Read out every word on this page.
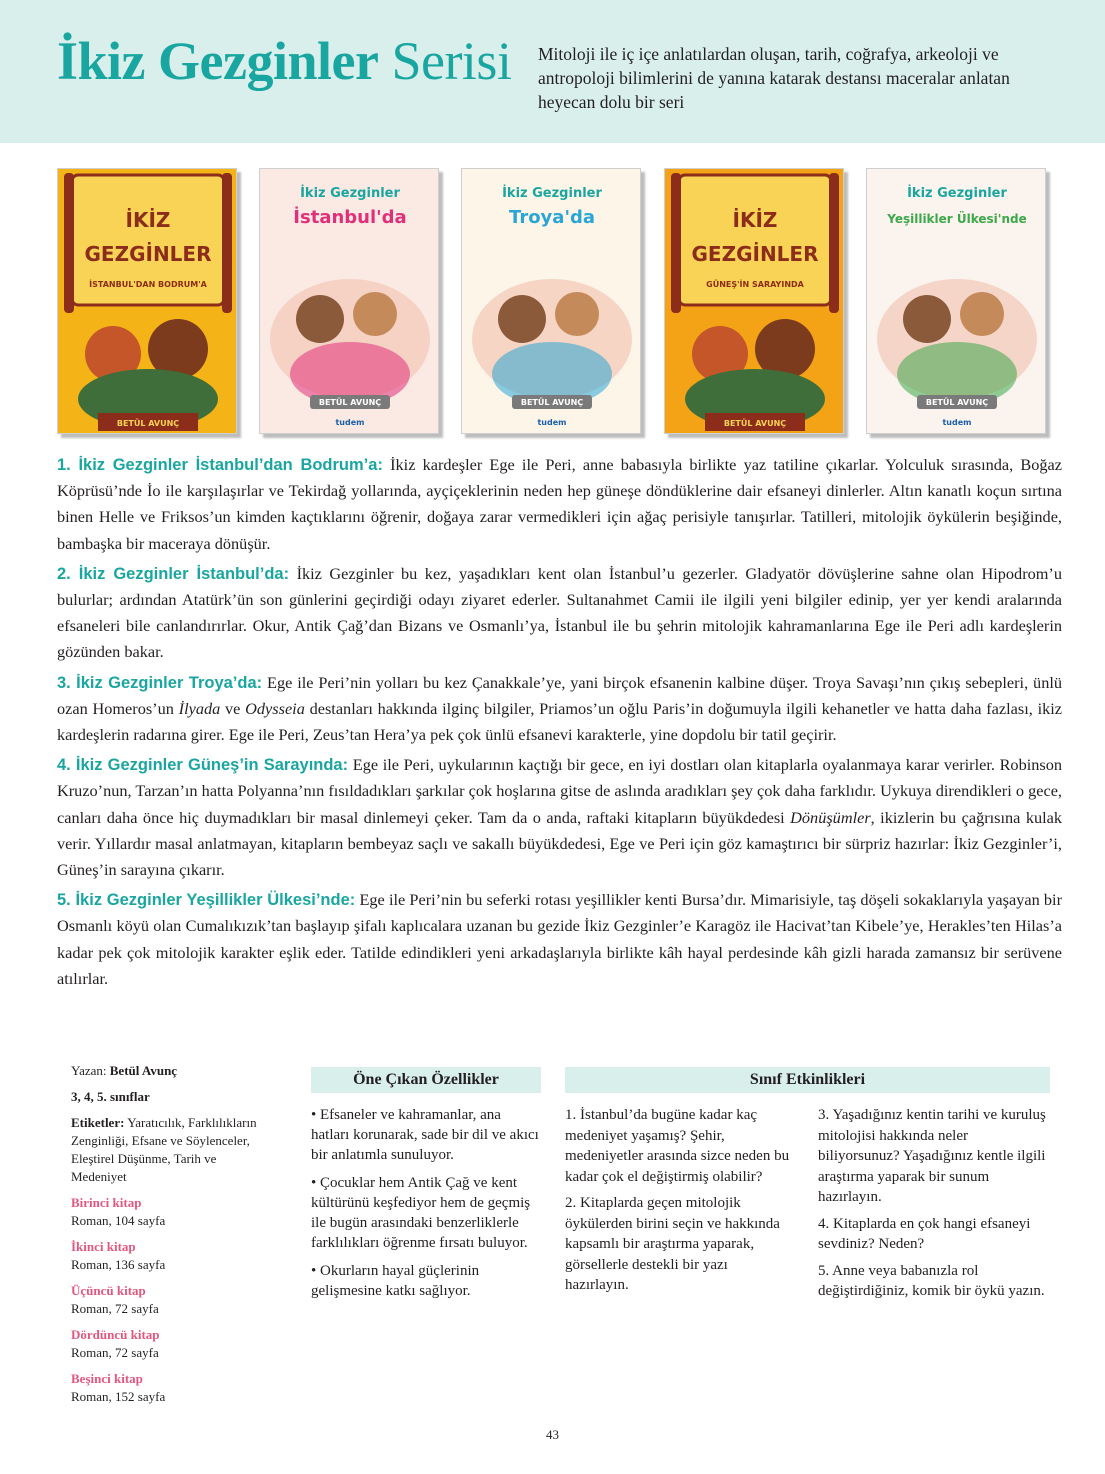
İkiz Gezginler Serisi Mitoloji ile iç içe anlatılardan oluşan, tarih, coğrafya, arkeoloji ve antropoloji bilimlerini de yanına katarak destansı maceralar anlatan heyecan dolu bir seri
İKİZ
GEZGİNLER
İSTANBUL'DAN BODRUM'A
BETÜL AVUNÇ
İkiz Gezginler
İstanbul'da
BETÜL AVUNÇ
tudem
İkiz Gezginler
Troya'da
BETÜL AVUNÇ
tudem
İKİZ
GEZGİNLER
GÜNEŞ'İN SARAYINDA
BETÜL AVUNÇ
İkiz Gezginler
Yeşillikler Ülkesi'nde
BETÜL AVUNÇ
tudem

1. İkiz Gezginler İstanbul’dan Bodrum’a: İkiz kardeşler Ege ile Peri, anne babasıyla birlikte yaz tatiline çıkarlar. Yolculuk sırasında, Boğaz Köprüsü’nde İo ile karşılaşırlar ve Tekirdağ yollarında, ayçiçeklerinin neden hep güneşe döndüklerine dair efsaneyi dinlerler. Altın kanatlı koçun sırtına binen Helle ve Friksos’un kimden kaçtıklarını öğrenir, doğaya zarar vermedikleri için ağaç perisiyle tanışırlar. Tatilleri, mitolojik öykülerin beşiğinde, bambaşka bir maceraya dönüşür.

2. İkiz Gezginler İstanbul’da: İkiz Gezginler bu kez, yaşadıkları kent olan İstanbul’u gezerler. Gladyatör dövüşlerine sahne olan Hipodrom’u bulurlar; ardından Atatürk’ün son günlerini geçirdiği odayı ziyaret ederler. Sultanahmet Camii ile ilgili yeni bilgiler edinip, yer yer kendi aralarında efsaneleri bile canlandırırlar. Okur, Antik Çağ’dan Bizans ve Osmanlı’ya, İstanbul ile bu şehrin mitolojik kahramanlarına Ege ile Peri adlı kardeşlerin gözünden bakar.

3. İkiz Gezginler Troya’da: Ege ile Peri’nin yolları bu kez Çanakkale’ye, yani birçok efsanenin kalbine düşer. Troya Savaşı’nın çıkış sebepleri, ünlü ozan Homeros’un İlyada ve Odysseia destanları hakkında ilginç bilgiler, Priamos’un oğlu Paris’in doğumuyla ilgili kehanetler ve hatta daha fazlası, ikiz kardeşlerin radarına girer. Ege ile Peri, Zeus’tan Hera’ya pek çok ünlü efsanevi karakterle, yine dopdolu bir tatil geçirir.

4. İkiz Gezginler Güneş’in Sarayında: Ege ile Peri, uykularının kaçtığı bir gece, en iyi dostları olan kitaplarla oyalanmaya karar verirler. Robinson Kruzo’nun, Tarzan’ın hatta Polyanna’nın fısıldadıkları şarkılar çok hoşlarına gitse de aslında aradıkları şey çok daha farklıdır. Uykuya direndikleri o gece, canları daha önce hiç duymadıkları bir masal dinlemeyi çeker. Tam da o anda, raftaki kitapların büyükdedesi Dönüşümler, ikizlerin bu çağrısına kulak verir. Yıllardır masal anlatmayan, kitapların bembeyaz saçlı ve sakallı büyükdedesi, Ege ve Peri için göz kamaştırıcı bir sürpriz hazırlar: İkiz Gezginler’i, Güneş’in sarayına çıkarır.

5. İkiz Gezginler Yeşillikler Ülkesi’nde: Ege ile Peri’nin bu seferki rotası yeşillikler kenti Bursa’dır. Mimarisiyle, taş döşeli sokaklarıyla yaşayan bir Osmanlı köyü olan Cumalıkızık’tan başlayıp şifalı kaplıcalara uzanan bu gezide İkiz Gezginler’e Karagöz ile Hacivat’tan Kibele’ye, Herakles’ten Hilas’a kadar pek çok mitolojik karakter eşlik eder. Tatilde edindikleri yeni arkadaşlarıyla birlikte kâh hayal perdesinde kâh gizli harada zamansız bir serüvene atılırlar.

Yazan: Betül Avunç
3, 4, 5. sınıflar
Etiketler: Yaratıcılık, Farklılıkların Zenginliği, Efsane ve Söylenceler, Eleştirel Düşünme, Tarih ve Medeniyet
Birinci kitap
Roman, 104 sayfa
İkinci kitap
Roman, 136 sayfa
Üçüncü kitap
Roman, 72 sayfa
Dördüncü kitap
Roman, 72 sayfa
Beşinci kitap
Roman, 152 sayfa
Öne Çıkan Özellikler
• Efsaneler ve kahramanlar, ana hatları korunarak, sade bir dil ve akıcı bir anlatımla sunuluyor.
• Çocuklar hem Antik Çağ ve kent kültürünü keşfediyor hem de geçmiş ile bugün arasındaki benzerliklerle farklılıkları öğrenme fırsatı buluyor.
• Okurların hayal güçlerinin gelişmesine katkı sağlıyor.
Sınıf Etkinlikleri
1. İstanbul’da bugüne kadar kaç medeniyet yaşamış? Şehir, medeniyetler arasında sizce neden bu kadar çok el değiştirmiş olabilir?
2. Kitaplarda geçen mitolojik öykülerden birini seçin ve hakkında kapsamlı bir araştırma yaparak, görsellerle destekli bir yazı hazırlayın.
3. Yaşadığınız kentin tarihi ve kuruluş mitolojisi hakkında neler biliyorsunuz? Yaşadığınız kentle ilgili araştırma yaparak bir sunum hazırlayın.
4. Kitaplarda en çok hangi efsaneyi sevdiniz? Neden?
5. Anne veya babanızla rol değiştirdiğiniz, komik bir öykü yazın.
43
